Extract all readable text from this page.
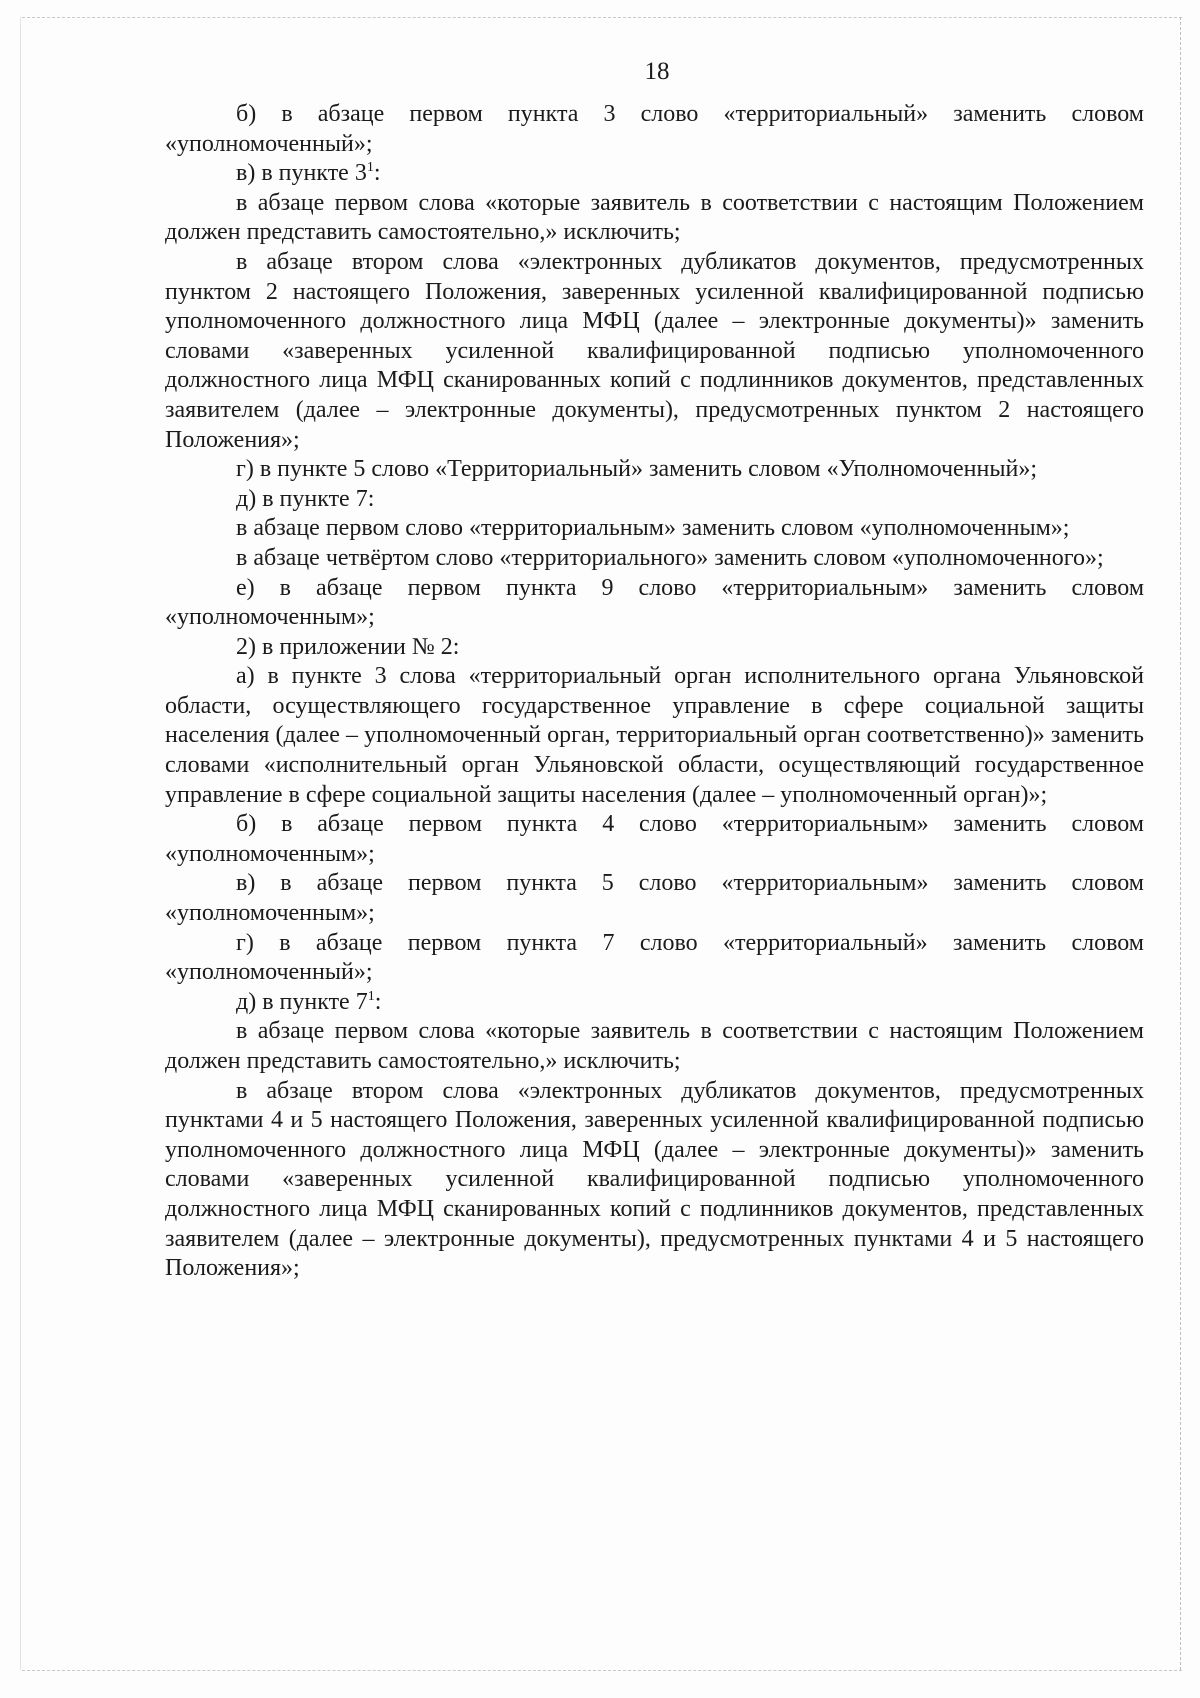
18

б) в абзаце первом пункта 3 слово «территориальный» заменить словом «уполномоченный»;

в) в пункте $3^1$:

в абзаце первом слова «которые заявитель в соответствии с настоящим Положением должен представить самостоятельно,» исключить;

в абзаце втором слова «электронных дубликатов документов, предусмотренных пунктом 2 настоящего Положения, заверенных усиленной квалифицированной подписью уполномоченного должностного лица МФЦ (далее – электронные документы)» заменить словами «заверенных усиленной квалифицированной подписью уполномоченного должностного лица МФЦ сканированных копий с подлинников документов, представленных заявителем (далее – электронные документы), предусмотренных пунктом 2 настоящего Положения»;

г) в пункте 5 слово «Территориальный» заменить словом «Уполномоченный»;

д) в пункте 7:

в абзаце первом слово «территориальным» заменить словом «уполномоченным»;

в абзаце четвёртом слово «территориального» заменить словом «уполномоченного»;

е) в абзаце первом пункта 9 слово «территориальным» заменить словом «уполномоченным»;

2) в приложении № 2:

а) в пункте 3 слова «территориальный орган исполнительного органа Ульяновской области, осуществляющего государственное управление в сфере социальной защиты населения (далее – уполномоченный орган, территориальный орган соответственно)» заменить словами «исполнительный орган Ульяновской области, осуществляющий государственное управление в сфере социальной защиты населения (далее – уполномоченный орган)»;

б) в абзаце первом пункта 4 слово «территориальным» заменить словом «уполномоченным»;

в) в абзаце первом пункта 5 слово «территориальным» заменить словом «уполномоченным»;

г) в абзаце первом пункта 7 слово «территориальный» заменить словом «уполномоченный»;

д) в пункте $7^1$:

в абзаце первом слова «которые заявитель в соответствии с настоящим Положением должен представить самостоятельно,» исключить;

в абзаце втором слова «электронных дубликатов документов, предусмотренных пунктами 4 и 5 настоящего Положения, заверенных усиленной квалифицированной подписью уполномоченного должностного лица МФЦ (далее – электронные документы)» заменить словами «заверенных усиленной квалифицированной подписью уполномоченного должностного лица МФЦ сканированных копий с подлинников документов, представленных заявителем (далее – электронные документы), предусмотренных пунктами 4 и 5 настоящего Положения»;
